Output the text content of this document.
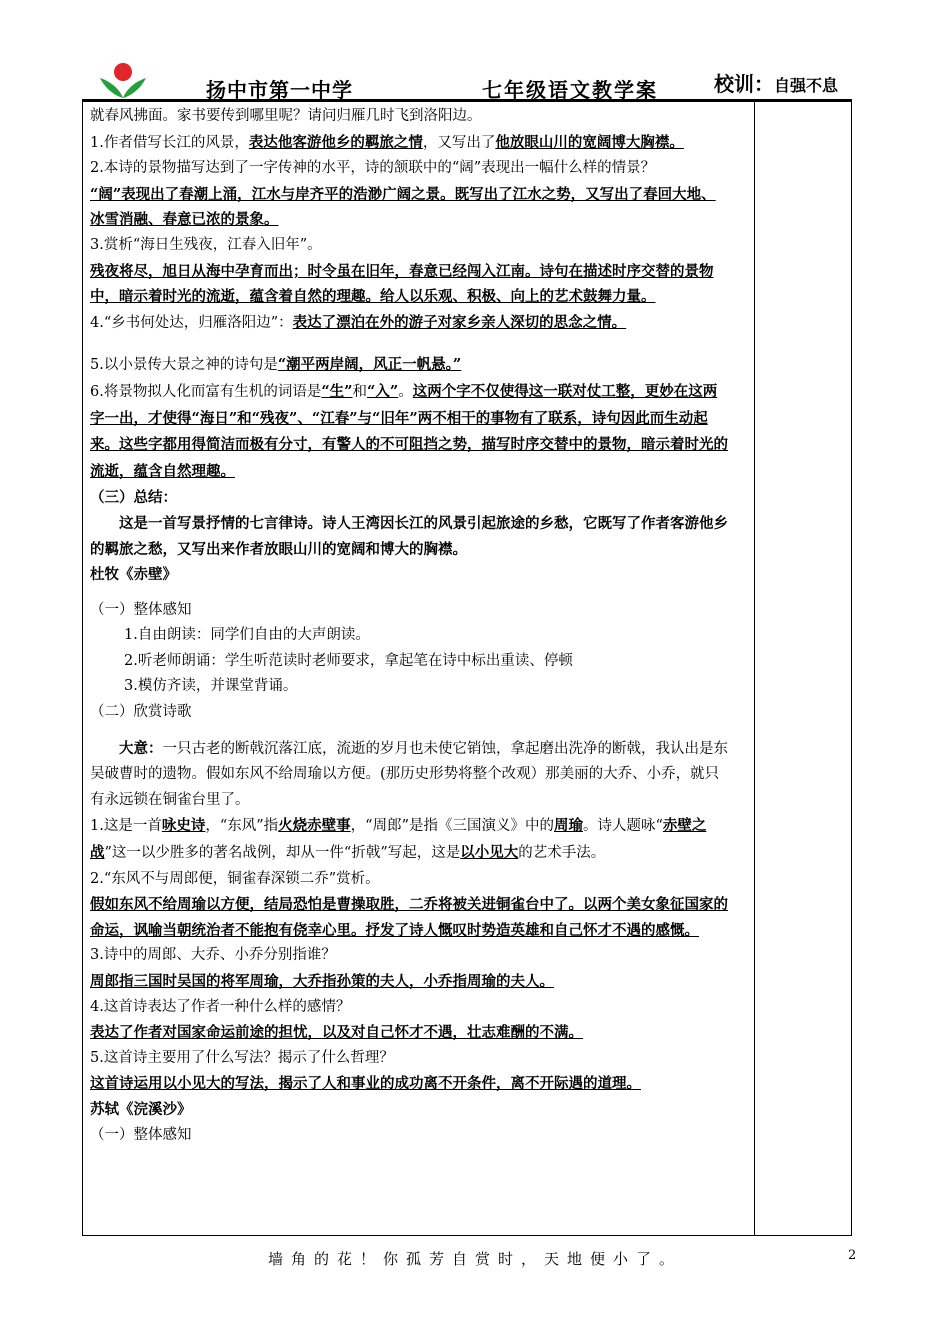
扬中市第一中学	七年级语文教学案	校训：自强不息

就春风拂面。家书要传到哪里呢？请问归雁几时飞到洛阳边。

1.作者借写长江的风景，表达他客游他乡的羁旅之情，又写出了他放眼山川的宽阔博大胸襟。

2.本诗的景物描写达到了一字传神的水平，诗的颔联中的“阔”表现出一幅什么样的情景？

“阔”表现出了春潮上涌，江水与岸齐平的浩渺广阔之景。既写出了江水之势，又写出了春回大地、冰雪消融、春意已浓的景象。

3.赏析“海日生残夜，江春入旧年”。

残夜将尽，旭日从海中孕育而出；时令虽在旧年，春意已经闯入江南。诗句在描述时序交替的景物中，暗示着时光的流逝，蕴含着自然的理趣。给人以乐观、积极、向上的艺术鼓舞力量。

4.“乡书何处达，归雁洛阳边”：表达了漂泊在外的游子对家乡亲人深切的思念之情。

5.以小景传大景之神的诗句是“潮平两岸阔，风正一帆悬。”

6.将景物拟人化而富有生机的词语是“生”和“入”。这两个字不仅使得这一联对仗工整，更妙在这两字一出，才使得“海日”和“残夜”、“江春”与“旧年”两不相干的事物有了联系，诗句因此而生动起来。这些字都用得简洁而极有分寸，有警人的不可阻挡之势，描写时序交替中的景物，暗示着时光的流逝，蕴含自然理趣。

（三）总结：

这是一首写景抒情的七言律诗。诗人王湾因长江的风景引起旅途的乡愁，它既写了作者客游他乡的羁旅之愁，又写出来作者放眼山川的宽阔和博大的胸襟。

杜牧《赤壁》

（一）整体感知

1.自由朗读：同学们自由的大声朗读。

2.听老师朗诵：学生听范读时老师要求，拿起笔在诗中标出重读、停顿

3.模仿齐读，并课堂背诵。

（二）欣赏诗歌

大意：一只古老的断戟沉落江底，流逝的岁月也未使它销蚀，拿起磨出洗净的断戟，我认出是东吴破曹时的遗物。假如东风不给周瑜以方便。(那历史形势将整个改观）那美丽的大乔、小乔，就只有永远锁在铜雀台里了。

1.这是一首咏史诗，“东风”指火烧赤壁事，“周郎”是指《三国演义》中的周瑜。诗人题咏“赤壁之战”这一以少胜多的著名战例，却从一件“折戟”写起，这是以小见大的艺术手法。

2.“东风不与周郎便，铜雀春深锁二乔”赏析。

假如东风不给周瑜以方便，结局恐怕是曹操取胜，二乔将被关进铜雀台中了。以两个美女象征国家的命运，讽喻当朝统治者不能抱有侥幸心里。抒发了诗人慨叹时势造英雄和自己怀才不遇的感慨。

3.诗中的周郎、大乔、小乔分别指谁？

周郎指三国时吴国的将军周瑜，大乔指孙策的夫人，小乔指周瑜的夫人。

4.这首诗表达了作者一种什么样的感情？

表达了作者对国家命运前途的担忧，以及对自己怀才不遇，壮志难酬的不满。

5.这首诗主要用了什么写法？揭示了什么哲理？

这首诗运用以小见大的写法，揭示了人和事业的成功离不开条件，离不开际遇的道理。

苏轼《浣溪沙》

（一）整体感知

墙角的花！你孤芳自赏时，天地便小了。	2
